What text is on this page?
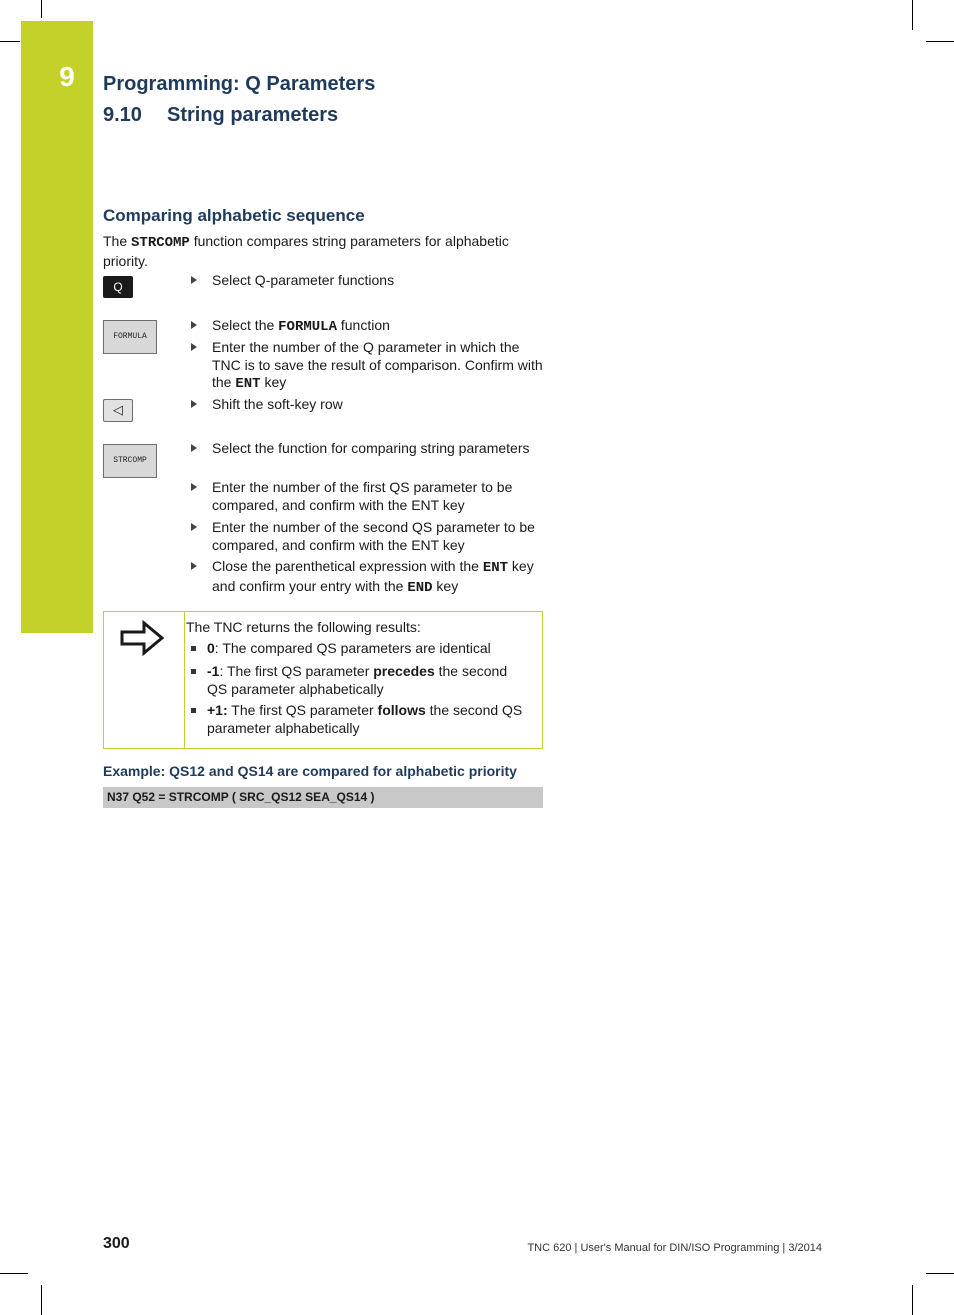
9	Programming: Q Parameters
9.10 String parameters
Comparing alphabetic sequence
The STRCOMP function compares string parameters for alphabetic priority.
Q
FORMULA
◁
STRCOMP
Select Q-parameter functions
Select the FORMULA function
Enter the number of the Q parameter in which the TNC is to save the result of comparison. Confirm with the ENT key
Shift the soft-key row
Select the function for comparing string parameters
Enter the number of the first QS parameter to be compared, and confirm with the ENT key
Enter the number of the second QS parameter to be compared, and confirm with the ENT key
Close the parenthetical expression with the ENT key and confirm your entry with the END key
The TNC returns the following results:
0: The compared QS parameters are identical
-1: The first QS parameter precedes the second QS parameter alphabetically
+1: The first QS parameter follows the second QS parameter alphabetically
Example: QS12 and QS14 are compared for alphabetic priority
N37 Q52 = STRCOMP ( SRC_QS12 SEA_QS14 )
300	TNC 620 | User's Manual for DIN/ISO Programming | 3/2014
